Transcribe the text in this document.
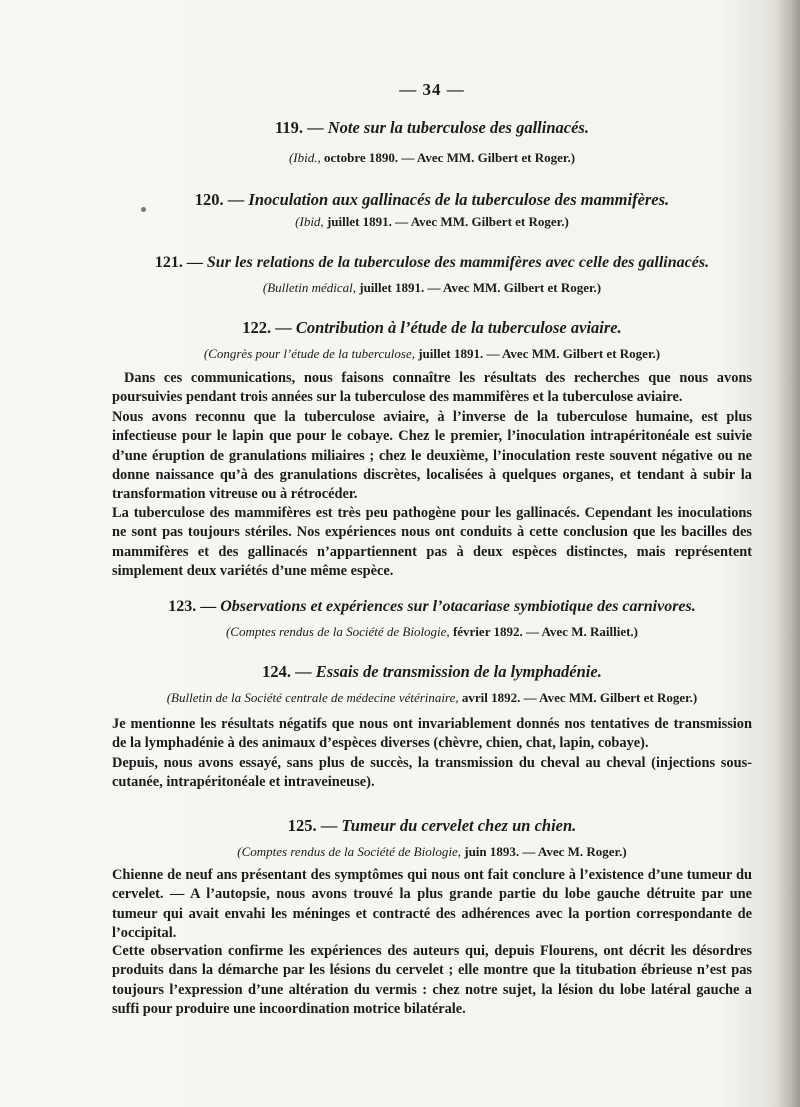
— 34 —
119. — Note sur la tuberculose des gallinacés.
(Ibid., octobre 1890. — Avec MM. Gilbert et Roger.)
120. — Inoculation aux gallinacés de la tuberculose des mammifères.
(Ibid, juillet 1891. — Avec MM. Gilbert et Roger.)
121. — Sur les relations de la tuberculose des mammifères avec celle des gallinacés.
(Bulletin médical, juillet 1891. — Avec MM. Gilbert et Roger.)
122. — Contribution à l’étude de la tuberculose aviaire.
(Congrès pour l’étude de la tuberculose, juillet 1891. — Avec MM. Gilbert et Roger.)
Dans ces communications, nous faisons connaître les résultats des recherches que nous avons poursuivies pendant trois années sur la tuberculose des mammifères et la tuberculose aviaire.
Nous avons reconnu que la tuberculose aviaire, à l’inverse de la tuberculose humaine, est plus infectieuse pour le lapin que pour le cobaye. Chez le premier, l’inoculation intrapéritonéale est suivie d’une éruption de granulations miliaires ; chez le deuxième, l’inoculation reste souvent négative ou ne donne naissance qu’à des granulations discrètes, localisées à quelques organes, et tendant à subir la transformation vitreuse ou à rétrocéder.
La tuberculose des mammifères est très peu pathogène pour les gallinacés. Cependant les inoculations ne sont pas toujours stériles. Nos expériences nous ont conduits à cette conclusion que les bacilles des mammifères et des gallinacés n’appartiennent pas à deux espèces distinctes, mais représentent simplement deux variétés d’une même espèce.
123. — Observations et expériences sur l’otacariase symbiotique des carnivores.
(Comptes rendus de la Société de Biologie, février 1892. — Avec M. Railliet.)
124. — Essais de transmission de la lymphadénie.
(Bulletin de la Société centrale de médecine vétérinaire, avril 1892. — Avec MM. Gilbert et Roger.)
Je mentionne les résultats négatifs que nous ont invariablement donnés nos tentatives de transmission de la lymphadénie à des animaux d’espèces diverses (chèvre, chien, chat, lapin, cobaye).
Depuis, nous avons essayé, sans plus de succès, la transmission du cheval au cheval (injections sous-cutanée, intrapéritonéale et intraveineuse).
125. — Tumeur du cervelet chez un chien.
(Comptes rendus de la Société de Biologie, juin 1893. — Avec M. Roger.)
Chienne de neuf ans présentant des symptômes qui nous ont fait conclure à l’existence d’une tumeur du cervelet. — A l’autopsie, nous avons trouvé la plus grande partie du lobe gauche détruite par une tumeur qui avait envahi les méninges et contracté des adhérences avec la portion correspondante de l’occipital.
Cette observation confirme les expériences des auteurs qui, depuis Flourens, ont décrit les désordres produits dans la démarche par les lésions du cervelet ; elle montre que la titubation ébrieuse n’est pas toujours l’expression d’une altération du vermis : chez notre sujet, la lésion du lobe latéral gauche a suffi pour produire une incoordination motrice bilatérale.
